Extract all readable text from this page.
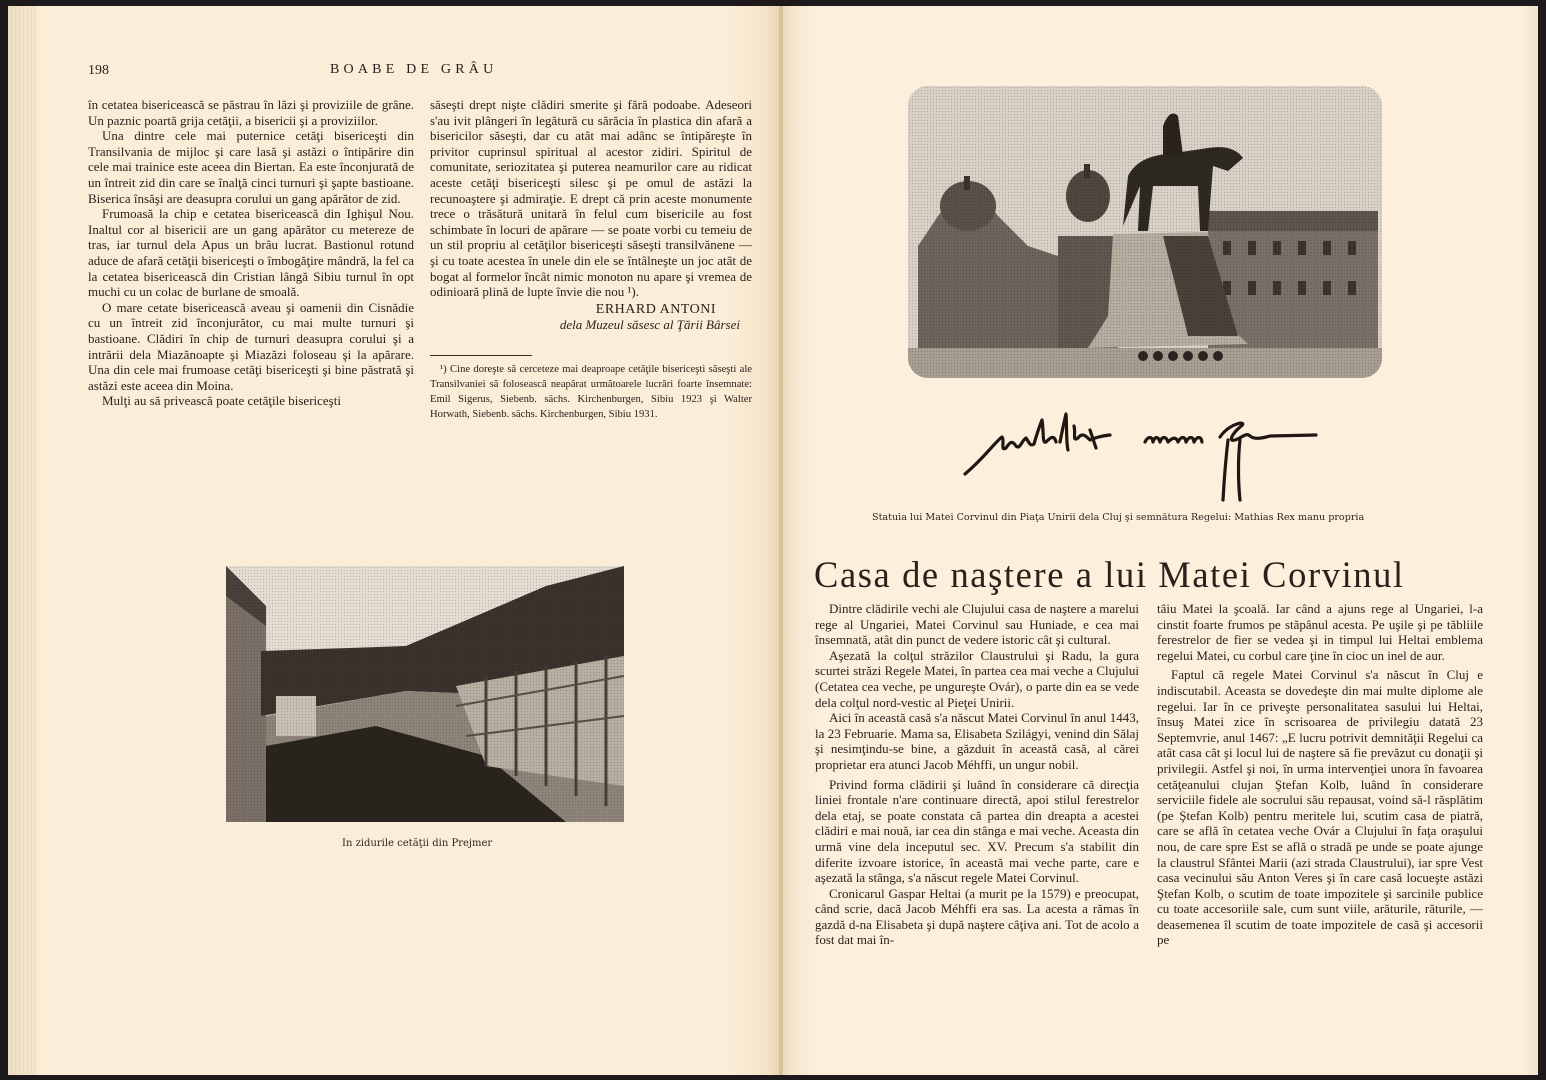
198	BOABE DE GRÂU

în cetatea bisericească se păstrau în lăzi şi proviziile de grâne. Un paznic poartă grija cetăţii, a bisericii şi a proviziilor.

Una dintre cele mai puternice cetăţi bisericeşti din Transilvania de mijloc şi care lasă şi astăzi o întipărire din cele mai trainice este aceea din Biertan. Ea este înconjurată de un întreit zid din care se înalţă cinci turnuri şi şapte bastioane. Biserica însăşi are deasupra corului un gang apărător de zid.

Frumoasă la chip e cetatea bisericească din Ighişul Nou. Inaltul cor al bisericii are un gang apărător cu metereze de tras, iar turnul dela Apus un brâu lucrat. Bastionul rotund aduce de afară cetăţii bisericeşti o îmbogăţire mândră, la fel ca la cetatea bisericească din Cristian lângă Sibiu turnul în opt muchi cu un colac de burlane de smoală.

O mare cetate bisericească aveau şi oamenii din Cisnădie cu un întreit zid înconjurător, cu mai multe turnuri şi bastioane. Clădiri în chip de turnuri deasupra corului şi a intrării dela Miazănoapte şi Miazăzi foloseau şi la apărare. Una din cele mai frumoase cetăţi bisericeşti şi bine păstrată şi astăzi este aceea din Moina.

Mulţi au să privească poate cetăţile bisericeşti

săseşti drept nişte clădiri smerite şi fără podoabe. Adeseori s'au ivit plângeri în legătură cu sărăcia în plastica din afară a bisericilor săseşti, dar cu atât mai adânc se întipăreşte în privitor cuprinsul spiritual al acestor zidiri. Spiritul de comunitate, seriozitatea şi puterea neamurilor care au ridicat aceste cetăţi bisericeşti silesc şi pe omul de astăzi la recunoaştere şi admiraţie. E drept că prin aceste monumente trece o trăsătură unitară în felul cum bisericile au fost schimbate în locuri de apărare — se poate vorbi cu temeiu de un stil propriu al cetăţilor bisericeşti săseşti transilvănene — şi cu toate acestea în unele din ele se întâlneşte un joc atât de bogat al formelor încât nimic monoton nu apare şi vremea de odinioară plină de lupte învie die nou ¹).

ERHARD ANTONI
dela Muzeul săsesc al Ţării Bârsei
¹) Cine doreşte să cerceteze mai deaproape cetăţile bisericeşti săseşti ale Transilvaniei să folosească neapărat următoarele lucrări foarte însemnate: Emil Sigerus, Siebenb. sächs. Kirchenburgen, Sibiu 1923 şi Walter Horwath, Siebenb. sächs. Kirchenburgen, Sibiu 1931.
In zidurile cetăţii din Prejmer
Statuia lui Matei Corvinul din Piaţa Unirii dela Cluj şi semnătura Regelui: Mathias Rex manu propria
Casa de naştere a lui Matei Corvinul

Dintre clădirile vechi ale Clujului casa de naştere a marelui rege al Ungariei, Matei Corvinul sau Huniade, e cea mai însemnată, atât din punct de vedere istoric cât şi cultural.

Aşezată la colţul străzilor Claustrului şi Radu, la gura scurtei străzi Regele Matei, în partea cea mai veche a Clujului (Cetatea cea veche, pe ungureşte Ovár), o parte din ea se vede dela colţul nord-vestic al Pieţei Unirii.

Aici în această casă s'a născut Matei Corvinul în anul 1443, la 23 Februarie. Mama sa, Elisabeta Szilágyi, venind din Sălaj şi nesimţindu-se bine, a găzduit în această casă, al cărei proprietar era atunci Jacob Méhffi, un ungur nobil.

Privind forma clădirii şi luând în considerare că direcţia liniei frontale n'are continuare directă, apoi stilul ferestrelor dela etaj, se poate constata că partea din dreapta a acestei clădiri e mai nouă, iar cea din stânga e mai veche. Aceasta din urmă vine dela inceputul sec. XV. Precum s'a stabilit din diferite izvoare istorice, în această mai veche parte, care e aşezată la stânga, s'a născut regele Matei Corvinul.

Cronicarul Gaspar Heltai (a murit pe la 1579) e preocupat, când scrie, dacă Jacob Méhffi era sas. La acesta a rămas în gazdă d-na Elisabeta şi după naştere câţiva ani. Tot de acolo a fost dat mai în-

tâiu Matei la şcoală. Iar când a ajuns rege al Ungariei, l-a cinstit foarte frumos pe stăpânul acesta. Pe uşile şi pe tăbliile ferestrelor de fier se vedea şi in timpul lui Heltai emblema regelui Matei, cu corbul care ţine în cioc un inel de aur.

Faptul că regele Matei Corvinul s'a născut în Cluj e indiscutabil. Aceasta se dovedeşte din mai multe diplome ale regelui. Iar în ce priveşte personalitatea sasului lui Heltai, însuş Matei zice în scrisoarea de privilegiu datată 23 Septemvrie, anul 1467: „E lucru potrivit demnităţii Regelui ca atât casa cât şi locul lui de naştere să fie prevăzut cu donaţii şi privilegii. Astfel şi noi, în urma intervenţiei unora în favoarea cetăţeanului clujan Ştefan Kolb, luând în considerare serviciile fidele ale socrului său repausat, voind să-l răsplătim (pe Ştefan Kolb) pentru meritele lui, scutim casa de piatră, care se află în cetatea veche Ovár a Clujului în faţa oraşului nou, de care spre Est se află o stradă pe unde se poate ajunge la claustrul Sfântei Marii (azi strada Claustrului), iar spre Vest casa vecinului său Anton Veres şi în care casă locueşte astăzi Ştefan Kolb, o scutim de toate impozitele şi sarcinile publice cu toate accesoriile sale, cum sunt viile, arăturile, răturile, — deasemenea îl scutim de toate impozitele de casă şi accesorii pe
